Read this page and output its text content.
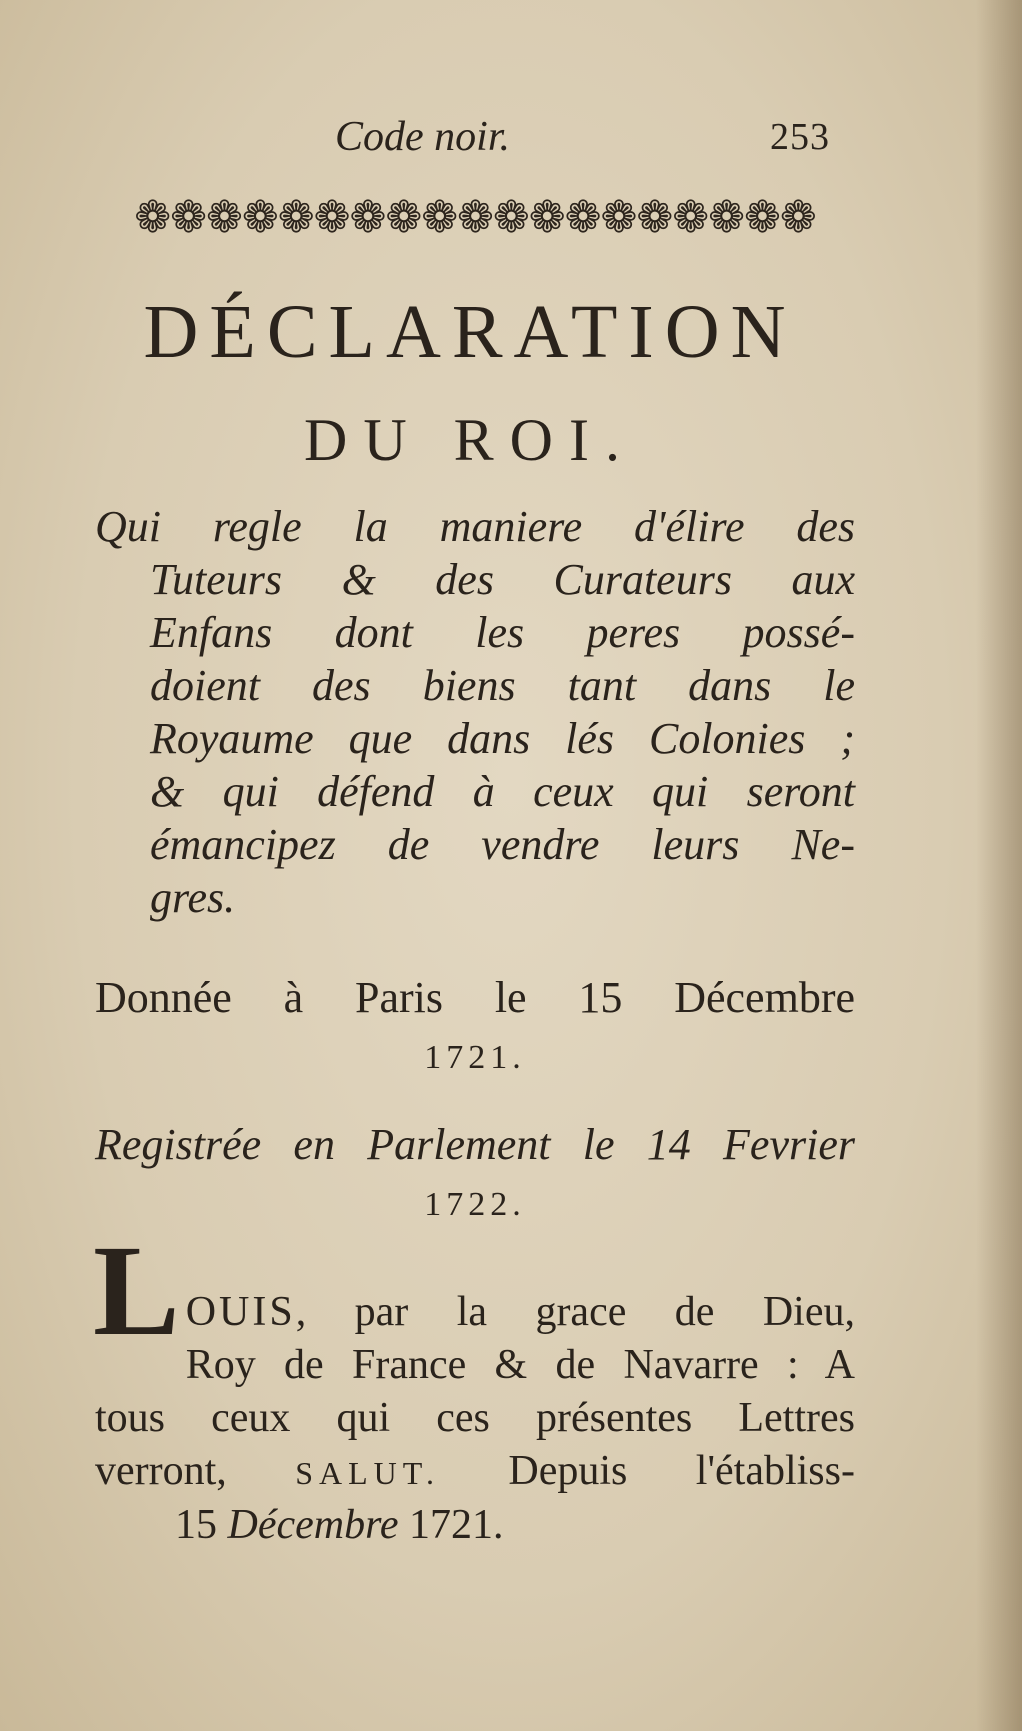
Code noir.	253
❁❁❁❁❁❁❁❁❁❁❁❁❁❁❁❁❁❁❁
DÉCLARATION
DU ROI.
Qui regle la maniere d'élire des
Tuteurs & des Curateurs aux
Enfans dont les peres possé-
doient des biens tant dans le
Royaume que dans lés Colonies ;
& qui défend à ceux qui seront
émancipez de vendre leurs Ne-
gres.
Donnée à Paris le 15 Décembre
1721.
Registrée en Parlement le 14 Fevrier
1722.
L OUIS, par la grace de Dieu,
Roy de France & de Navarre : A
tous ceux qui ces présentes Lettres
verront, SALUT. Depuis l'établiss-
15 Décembre 1721.
